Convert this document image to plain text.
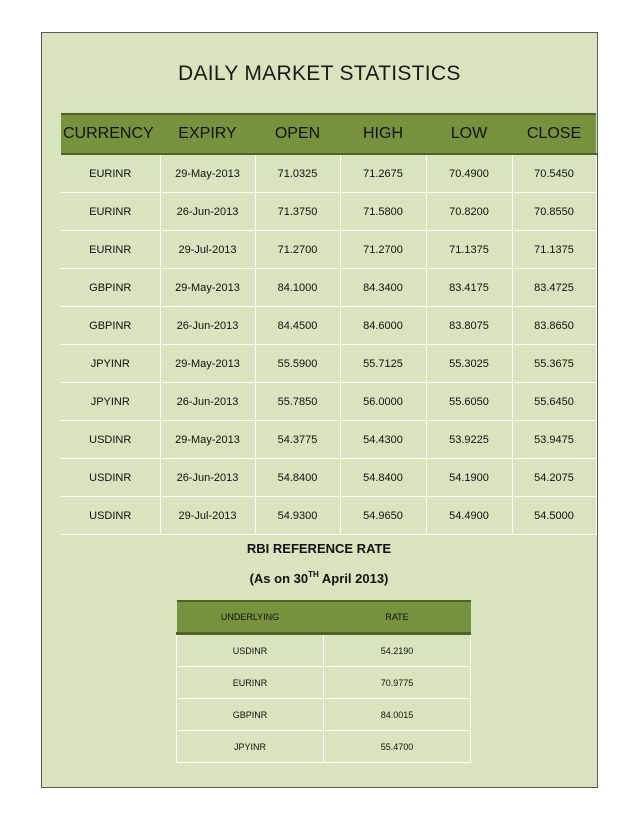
DAILY MARKET STATISTICS
CURRENCY	EXPIRY	OPEN	HIGH	LOW	CLOSE
EURINR	29-May-2013	71.0325	71.2675	70.4900	70.5450
EURINR	26-Jun-2013	71.3750	71.5800	70.8200	70.8550
EURINR	29-Jul-2013	71.2700	71.2700	71.1375	71.1375
GBPINR	29-May-2013	84.1000	84.3400	83.4175	83.4725
GBPINR	26-Jun-2013	84.4500	84.6000	83.8075	83.8650
JPYINR	29-May-2013	55.5900	55.7125	55.3025	55.3675
JPYINR	26-Jun-2013	55.7850	56.0000	55.6050	55.6450
USDINR	29-May-2013	54.3775	54.4300	53.9225	53.9475
USDINR	26-Jun-2013	54.8400	54.8400	54.1900	54.2075
USDINR	29-Jul-2013	54.9300	54.9650	54.4900	54.5000
RBI REFERENCE RATE
(As on 30TH April 2013)
UNDERLYING	RATE
USDINR	54.2190
EURINR	70.9775
GBPINR	84.0015
JPYINR	55.4700
